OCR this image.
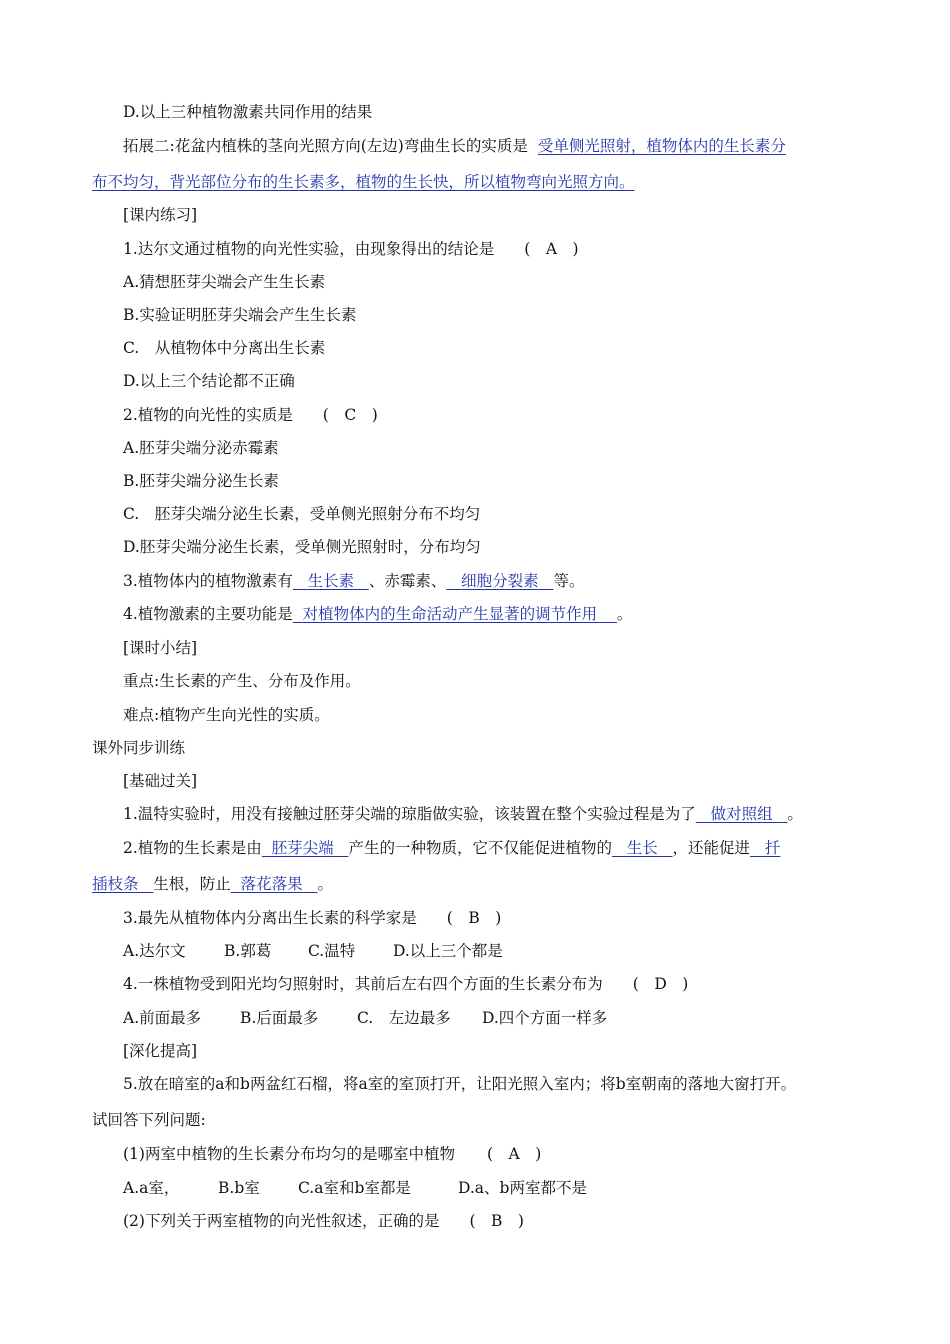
D.以上三种植物激素共同作用的结果
拓展二:花盆内植株的茎向光照方向(左边)弯曲生长的实质是 受单侧光照射，植物体内的生长素分
布不均匀，背光部位分布的生长素多，植物的生长快，所以植物弯向光照方向。
[课内练习]
1.达尔文通过植物的向光性实验，由现象得出的结论是 (　A　)
A.猜想胚芽尖端会产生生长素
B.实验证明胚芽尖端会产生生长素
C.　从植物体中分离出生长素
D.以上三个结论都不正确
2.植物的向光性的实质是 (　C　)
A.胚芽尖端分泌赤霉素
B.胚芽尖端分泌生长素
C.　胚芽尖端分泌生长素，受单侧光照射分布不均匀
D.胚芽尖端分泌生长素，受单侧光照射时，分布均匀
3.植物体内的植物激素有 生长素 、赤霉素、 细胞分裂素 等。
4.植物激素的主要功能是 对植物体内的生命活动产生显著的调节作用 。
[课时小结]
重点:生长素的产生、分布及作用。
难点:植物产生向光性的实质。
课外同步训练
[基础过关]
1.温特实验时，用没有接触过胚芽尖端的琼脂做实验，该装置在整个实验过程是为了 做对照组 。
2.植物的生长素是由 胚芽尖端 产生的一种物质，它不仅能促进植物的 生长 ，还能促进 扦
插枝条 生根，防止 落花落果 。
3.最先从植物体内分离出生长素的科学家是 (　B　)
A.达尔文 B.郭葛 C.温特 D.以上三个都是
4.一株植物受到阳光均匀照射时，其前后左右四个方面的生长素分布为 (　D　)
A.前面最多	B.后面最多 C.　左边最多 D.四个方面一样多
[深化提高]
5.放在暗室的a和b两盆红石榴，将a室的室顶打开，让阳光照入室内；将b室朝南的落地大窗打开。
试回答下列问题:
(1)两室中植物的生长素分布均匀的是哪室中植物 (　A　)
A.a室， B.b室 C.a室和b室都是	D.a、b两室都不是
(2)下列关于两室植物的向光性叙述，正确的是 (　B　)
